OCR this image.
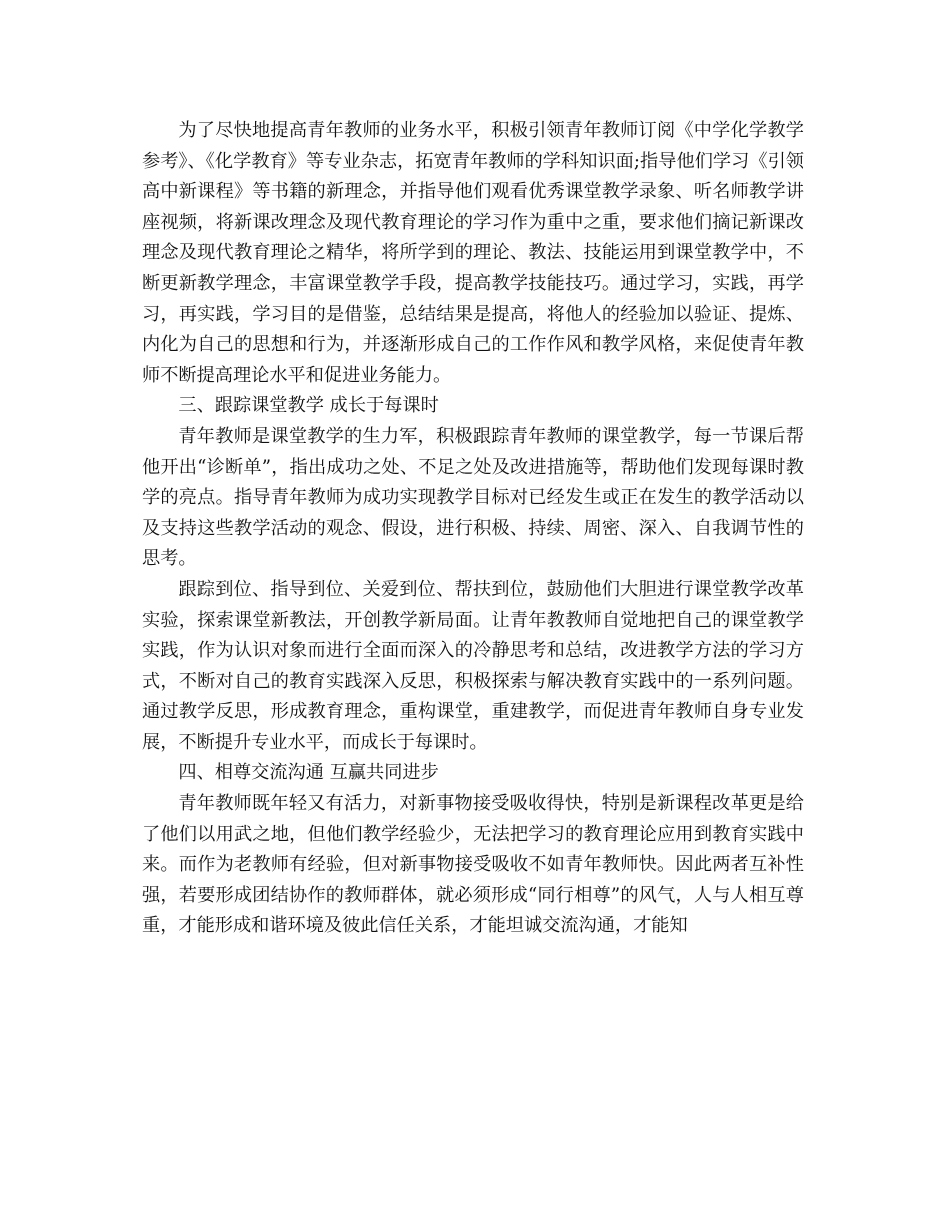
为了尽快地提高青年教师的业务水平，积极引领青年教师订阅《中学化学教学参考》、《化学教育》等专业杂志，拓宽青年教师的学科知识面;指导他们学习《引领高中新课程》等书籍的新理念，并指导他们观看优秀课堂教学录象、听名师教学讲座视频，将新课改理念及现代教育理论的学习作为重中之重，要求他们摘记新课改理念及现代教育理论之精华，将所学到的理论、教法、技能运用到课堂教学中，不断更新教学理念，丰富课堂教学手段，提高教学技能技巧。通过学习，实践，再学习，再实践，学习目的是借鉴，总结结果是提高，将他人的经验加以验证、提炼、内化为自己的思想和行为，并逐渐形成自己的工作作风和教学风格，来促使青年教师不断提高理论水平和促进业务能力。

三、跟踪课堂教学 成长于每课时

青年教师是课堂教学的生力军，积极跟踪青年教师的课堂教学，每一节课后帮他开出“诊断单”，指出成功之处、不足之处及改进措施等，帮助他们发现每课时教学的亮点。指导青年教师为成功实现教学目标对已经发生或正在发生的教学活动以及支持这些教学活动的观念、假设，进行积极、持续、周密、深入、自我调节性的思考。

跟踪到位、指导到位、关爱到位、帮扶到位，鼓励他们大胆进行课堂教学改革实验，探索课堂新教法，开创教学新局面。让青年教教师自觉地把自己的课堂教学实践，作为认识对象而进行全面而深入的冷静思考和总结，改进教学方法的学习方式，不断对自己的教育实践深入反思，积极探索与解决教育实践中的一系列问题。通过教学反思，形成教育理念，重构课堂，重建教学，而促进青年教师自身专业发展，不断提升专业水平，而成长于每课时。

四、相尊交流沟通 互赢共同进步

青年教师既年轻又有活力，对新事物接受吸收得快，特别是新课程改革更是给了他们以用武之地，但他们教学经验少，无法把学习的教育理论应用到教育实践中来。而作为老教师有经验，但对新事物接受吸收不如青年教师快。因此两者互补性强，若要形成团结协作的教师群体，就必须形成“同行相尊”的风气，人与人相互尊重，才能形成和谐环境及彼此信任关系，才能坦诚交流沟通，才能知
